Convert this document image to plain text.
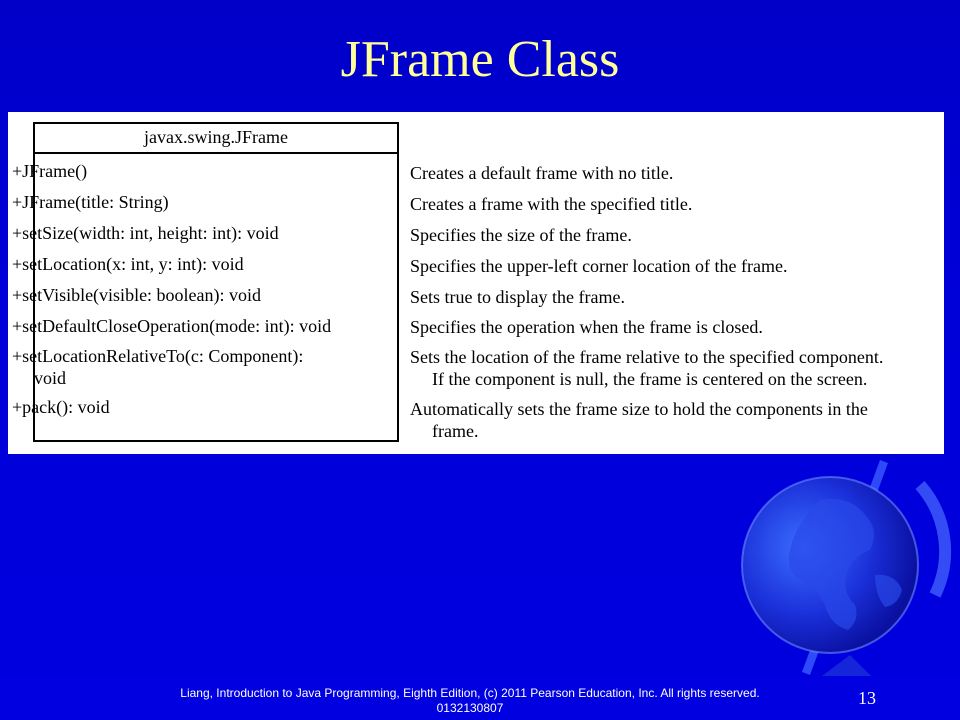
JFrame Class
javax.swing.JFrame
+JFrame()
+JFrame(title: String)
+setSize(width: int, height: int): void
+setLocation(x: int, y: int): void
+setVisible(visible: boolean): void
+setDefaultCloseOperation(mode: int): void
+setLocationRelativeTo(c: Component):
void
+pack(): void
Creates a default frame with no title.
Creates a frame with the specified title.
Specifies the size of the frame.
Specifies the upper-left corner location of the frame.
Sets true to display the frame.
Specifies the operation when the frame is closed.
Sets the location of the frame relative to the specified component.
If the component is null, the frame is centered on the screen.
Automatically sets the frame size to hold the components in the
frame.
Liang, Introduction to Java Programming, Eighth Edition, (c) 2011 Pearson Education, Inc. All rights reserved. 0132130807	13
